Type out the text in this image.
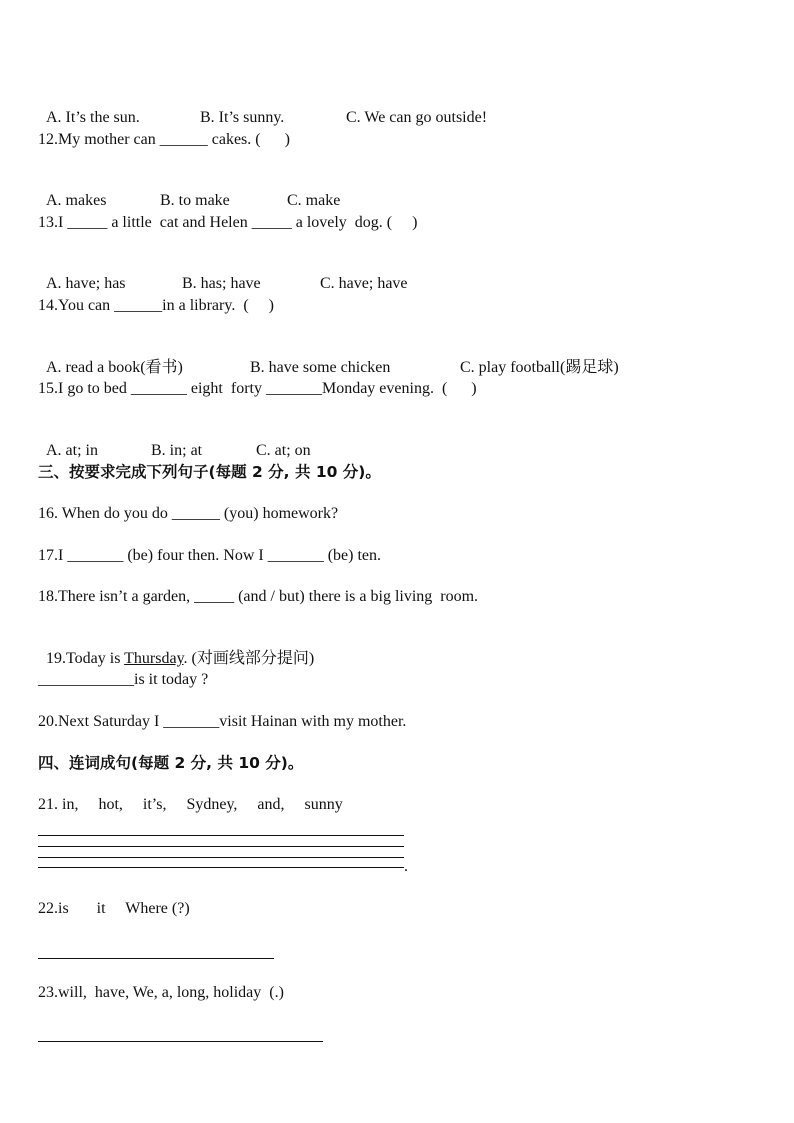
A. It’s the sun.	B. It’s sunny.	C. We can go outside!

12.My mother can ______ cakes. (      )

A. makes	B. to make	C. make

13.I _____ a little  cat and Helen _____ a lovely  dog. (     )

A. have; has	B. has; have	C. have; have

14.You can ______in a library.  (     )

A. read a book(看书)	B. have some chicken	C. play football(踢足球)

15.I go to bed _______ eight  forty _______Monday evening.  (      )

A. at; in	B. in; at	C. at; on

三、按要求完成下列句子(每题 2 分, 共 10 分)。
16. When do you do ______ (you) homework?
17.I _______ (be) four then. Now I _______ (be) ten.
18.There isn’t a garden, _____ (and / but) there is a big living  room.

19.Today is Thursday. (对画线部分提问)

____________is it today ?
20.Next Saturday I _______visit Hainan with my mother.
四、连词成句(每题 2 分, 共 10 分)。
21. in,     hot,     it’s,     Sydney,     and,     sunny
.
22.is       it     Where (?)
23.will,  have, We, a, long, holiday  (.)
